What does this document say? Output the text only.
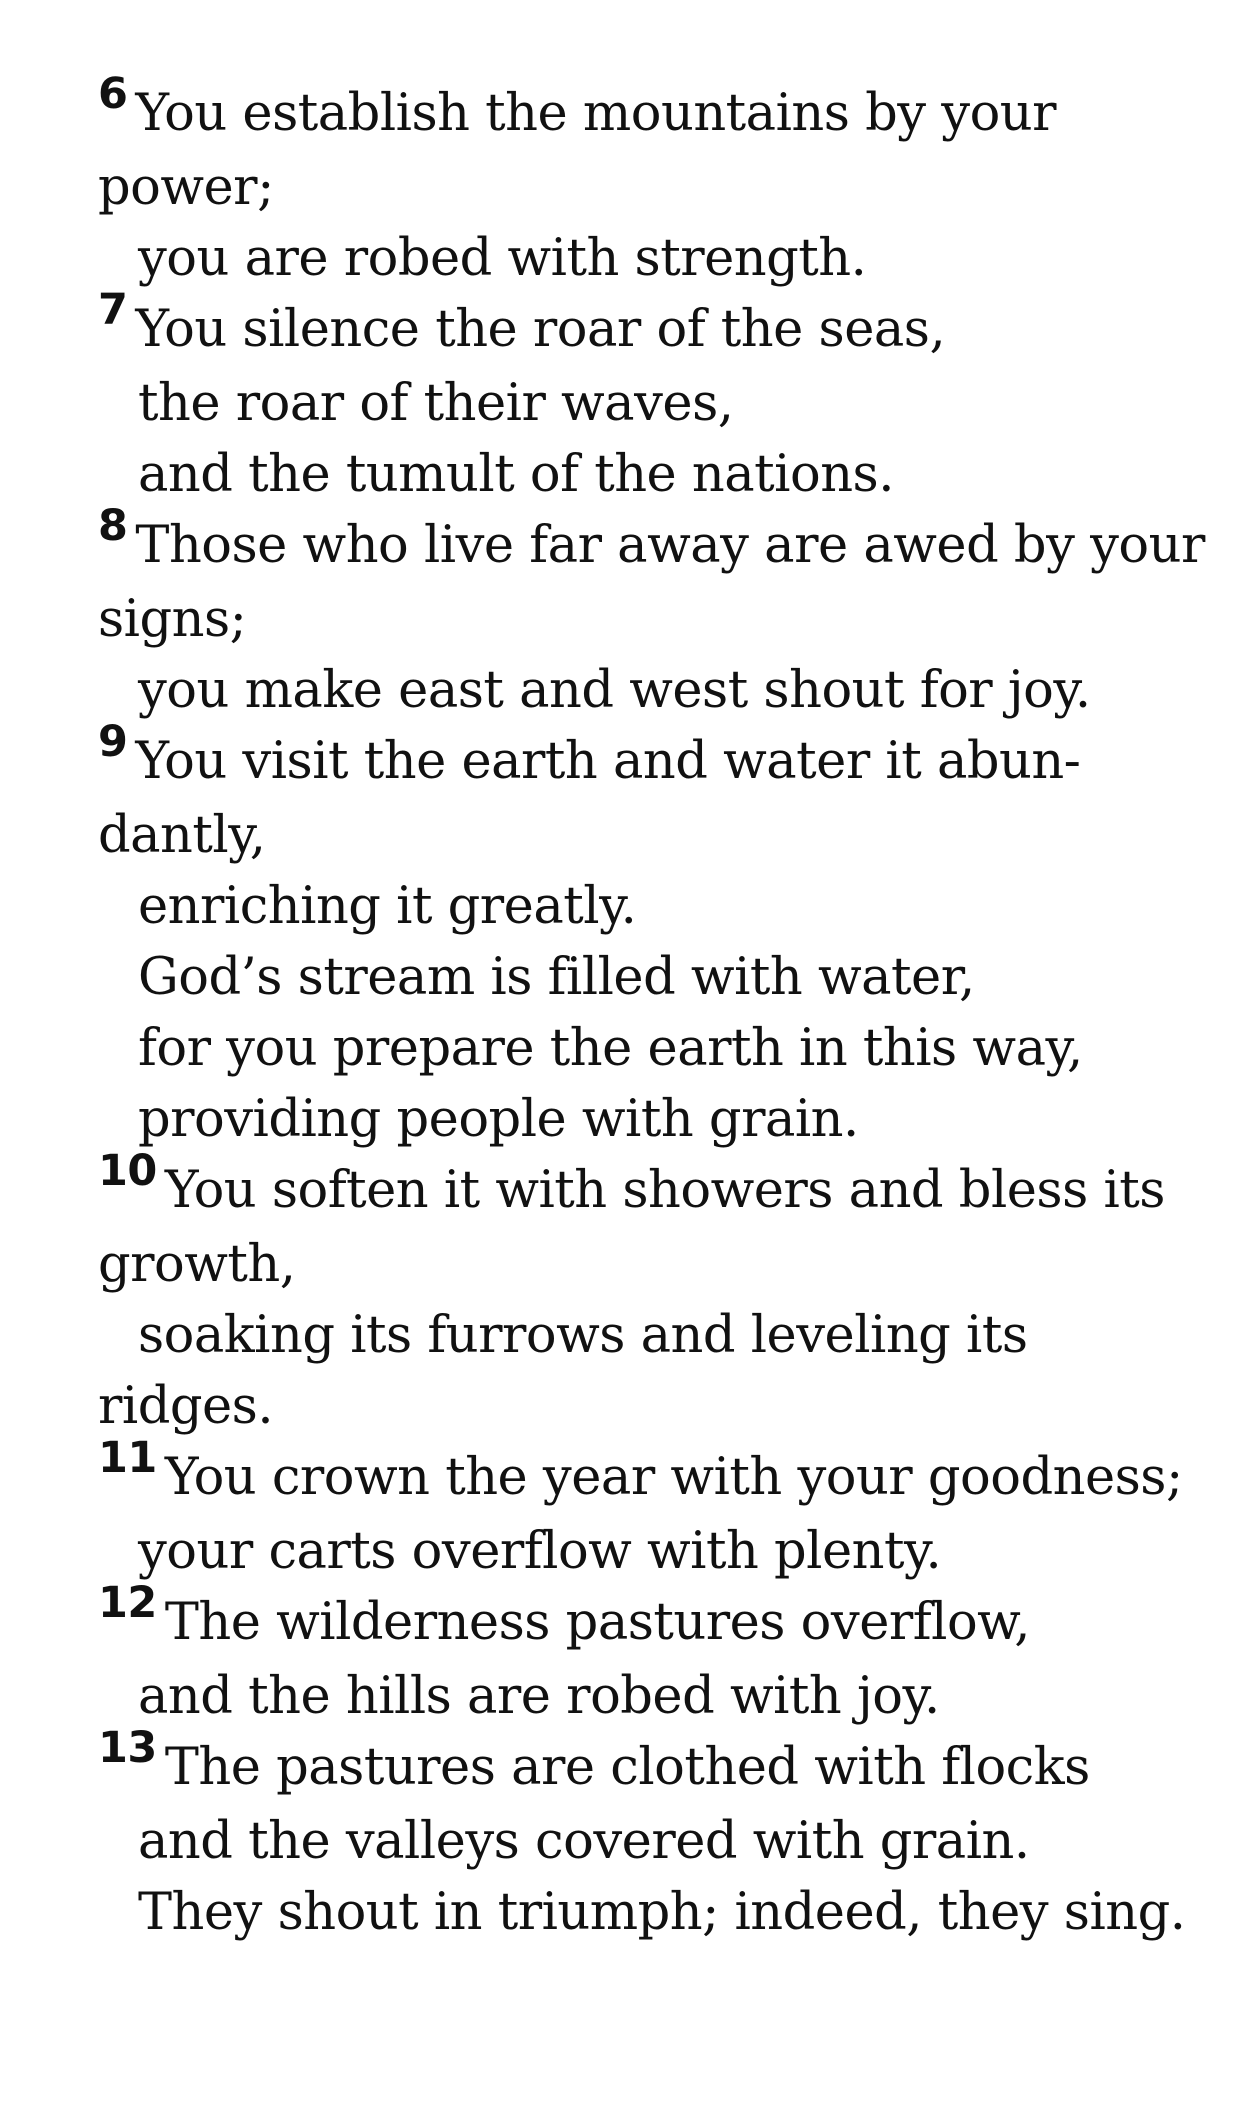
$^6$ You establish the mountains by your
power;
you are robed with strength.
$^7$ You silence the roar of the seas,
the roar of their waves,
and the tumult of the nations.
$^8$ Those who live far away are awed by your
signs;
you make east and west shout for joy.
$^9$ You visit the earth and water it abun-
dantly,
enriching it greatly.
God’s stream is filled with water,
for you prepare the earth in this way,
providing people with grain.
$^{10}$ You soften it with showers and bless its
growth,
soaking its furrows and leveling its
ridges.
$^{11}$ You crown the year with your goodness;
your carts overflow with plenty.
$^{12}$ The wilderness pastures overflow,
and the hills are robed with joy.
$^{13}$ The pastures are clothed with flocks
and the valleys covered with grain.
They shout in triumph; indeed, they sing.
